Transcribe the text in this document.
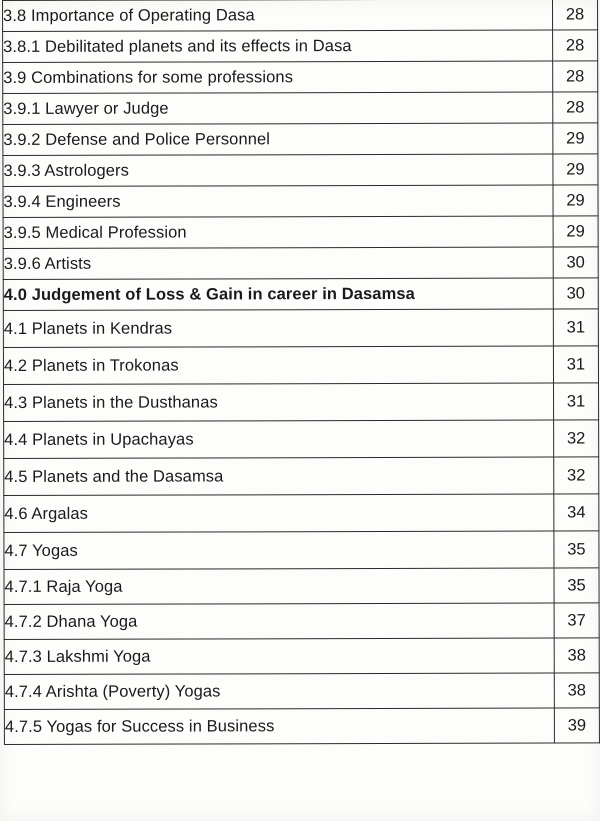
3.8 Importance of Operating Dasa	28
3.8.1 Debilitated planets and its effects in Dasa	28
3.9 Combinations for some professions	28
3.9.1 Lawyer or Judge	28
3.9.2 Defense and Police Personnel	29
3.9.3 Astrologers	29
3.9.4 Engineers	29
3.9.5 Medical Profession	29
3.9.6 Artists	30
4.0 Judgement of Loss & Gain in career in Dasamsa	30
4.1 Planets in Kendras	31
4.2 Planets in Trokonas	31
4.3 Planets in the Dusthanas	31
4.4 Planets in Upachayas	32
4.5 Planets and the Dasamsa	32
4.6 Argalas	34
4.7 Yogas	35
4.7.1 Raja Yoga	35
4.7.2 Dhana Yoga	37
4.7.3 Lakshmi Yoga	38
4.7.4 Arishta (Poverty) Yogas	38
4.7.5 Yogas for Success in Business	39
